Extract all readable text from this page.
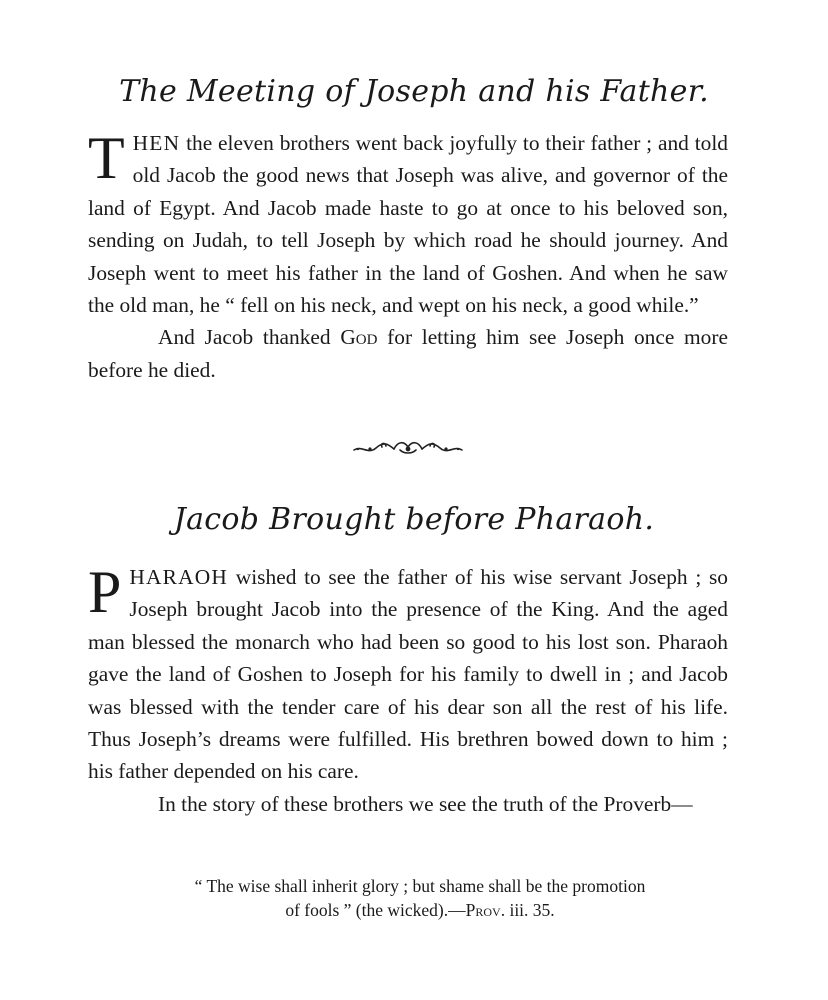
The Meeting of Joseph and his Father.

THEN the eleven brothers went back joyfully to their father ; and told old Jacob the good news that Joseph was alive, and governor of the land of Egypt. And Jacob made haste to go at once to his beloved son, sending on Judah, to tell Joseph by which road he should journey. And Joseph went to meet his father in the land of Goshen. And when he saw the old man, he “ fell on his neck, and wept on his neck, a good while.”

And Jacob thanked God for letting him see Joseph once more before he died.

Jacob Brought before Pharaoh.

PHARAOH wished to see the father of his wise servant Joseph ; so Joseph brought Jacob into the presence of the King. And the aged man blessed the monarch who had been so good to his lost son. Pharaoh gave the land of Goshen to Joseph for his family to dwell in ; and Jacob was blessed with the tender care of his dear son all the rest of his life. Thus Joseph’s dreams were fulfilled. His brethren bowed down to him ; his father depended on his care.

In the story of these brothers we see the truth of the Proverb—

“ The wise shall inherit glory ; but shame shall be the promotion
of fools ” (the wicked).—Prov. iii. 35.
